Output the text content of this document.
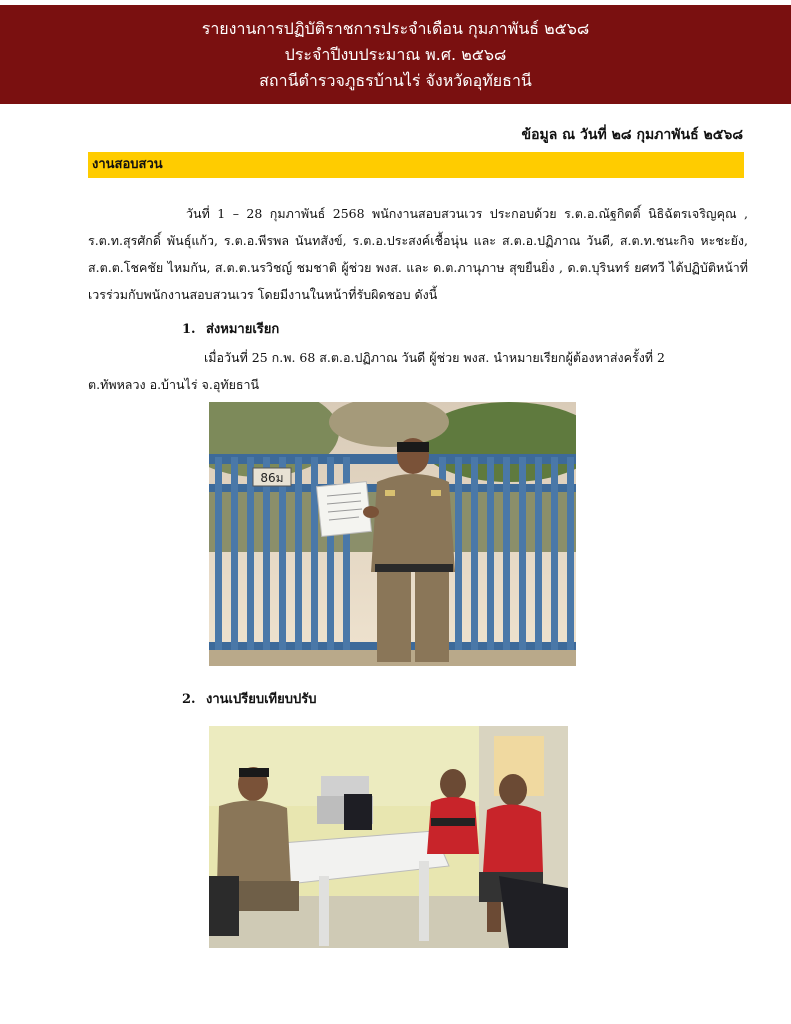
รายงานการปฏิบัติราชการประจำเดือน กุมภาพันธ์ ๒๕๖๘
ประจำปีงบประมาณ พ.ศ. ๒๕๖๘
สถานีตำรวจภูธรบ้านไร่ จังหวัดอุทัยธานี
ข้อมูล ณ วันที่ ๒๘ กุมภาพันธ์ ๒๕๖๘
งานสอบสวน
วันที่ 1 – 28 กุมภาพันธ์ 2568 พนักงานสอบสวนเวร ประกอบด้วย ร.ต.อ.ณัฐกิตติ์ นิธิฉัตรเจริญคุณ , ร.ต.ท.สุรศักดิ์ พันธุ์แก้ว, ร.ต.อ.พีรพล นันทสังข์, ร.ต.อ.ประสงค์เชื้อนุ่น และ ส.ต.อ.ปฏิภาณ วันดี, ส.ต.ท.ชนะกิจ หะชะยัง, ส.ต.ต.โชคชัย ไหมกัน, ส.ต.ต.นรวิชญ์ ชมชาติ ผู้ช่วย พงส. และ ด.ต.ภานุภาษ สุขยืนยิ่ง , ด.ต.บุรินทร์ ยศทวี ได้ปฏิบัติหน้าที่เวรร่วมกับพนักงานสอบสวนเวร โดยมีงานในหน้าที่รับผิดชอบ ดังนี้
1. ส่งหมายเรียก
เมื่อวันที่ 25 ก.พ. 68 ส.ต.อ.ปฏิภาณ วันดี ผู้ช่วย พงส. นำหมายเรียกผู้ต้องหาส่งครั้งที่ 2
ต.ทัพหลวง อ.บ้านไร่ จ.อุทัยธานี
86ม
2. งานเปรียบเทียบปรับ
